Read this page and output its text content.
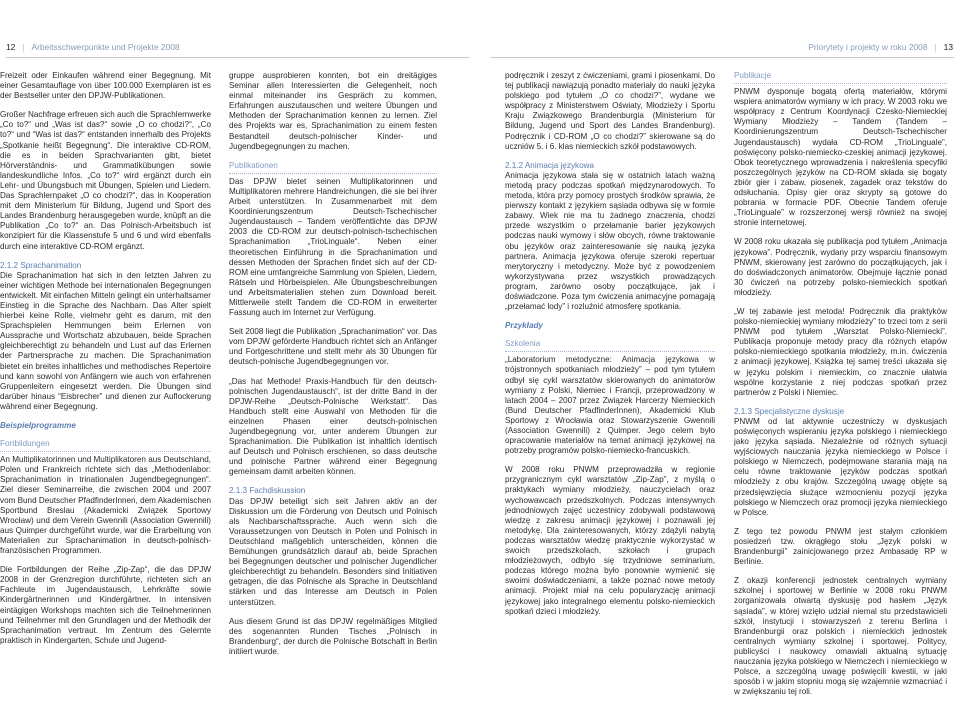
12 | Arbeitsschwerpunkte und Projekte 2008	Priorytety i projekty w roku 2008 | 13

Freizeit oder Einkaufen während einer Begegnung. Mit einer Gesamtauflage von über 100.000 Exemplaren ist es der Bestseller unter den DPJW-Publikationen.

Großer Nachfrage erfreuen sich auch die Sprachlernwerke „Co to?“ und „Was ist das?“ sowie „O co chodzi?“, „Co to?“ und “Was ist das?“ entstanden innerhalb des Projekts „Spotkanie heißt Begegnung“. Die interaktive CD-ROM, die es in beiden Sprachvarianten gibt, bietet Hörverständnis- und Grammatikübungen sowie landeskundliche Infos. „Co to?“ wird ergänzt durch ein Lehr- und Übungsbuch mit Übungen, Spielen und Liedern. Das Sprachlernpaket „O co chodzi?“, das in Kooperation mit dem Ministerium für Bildung, Jugend und Sport des Landes Brandenburg herausgegeben wurde, knüpft an die Publikation „Co to?“ an. Das Polnisch-Arbeitsbuch ist konzipiert für die Klassenstufe 5 und 6 und wird ebenfalls durch eine interaktive CD-ROM ergänzt.

2.1.2 Sprachanimation

Die Sprachanimation hat sich in den letzten Jahren zu einer wichtigen Methode bei internationalen Begegnungen entwickelt. Mit einfachen Mitteln gelingt ein unterhaltsamer Einstieg in die Sprache des Nachbarn. Das Alter spielt hierbei keine Rolle, vielmehr geht es darum, mit den Sprachspielen Hemmungen beim Erlernen von Aussprache und Wortschatz abzubauen, beide Sprachen gleichberechtigt zu behandeln und Lust auf das Erlernen der Partnersprache zu machen. Die Sprachanimation bietet ein breites inhaltliches und methodisches Repertoire und kann sowohl von Anfängern wie auch von erfahrenen Gruppenleitern eingesetzt werden. Die Übungen sind darüber hinaus “Eisbrecher” und dienen zur Auflockerung während einer Begegnung.

Beispielprogramme
Fortbildungen

An Multiplikatorinnen und Multiplikatoren aus Deutschland, Polen und Frankreich richtete sich das „Methodenlabor: Sprachanimation in trinationalen Jugendbegegnungen“. Ziel dieser Seminarreihe, die zwischen 2004 und 2007 vom Bund Deutscher PfadfinderInnen, dem Akademischen Sportbund Breslau (Akademicki Związek Sportowy Wrocław) und dem Verein Gwennili (Association Gwennili) aus Quimper durchgeführt wurde, war die Erarbeitung von Materialien zur Sprachanimation in deutsch-polnisch-französischen Programmen.

Die Fortbildungen der Reihe „Zip-Zap“, die das DPJW 2008 in der Grenzregion durchführte, richteten sich an Fachleute im Jugendaustausch, Lehrkräfte sowie Kindergärtnerinnen und Kindergärtner. In intensiven eintägigen Workshops machten sich die Teilnehmerinnen und Teilnehmer mit den Grundlagen und der Methodik der Sprachanimation vertraut. Im Zentrum des Gelernte praktisch in Kindergarten, Schule und Jugend-

gruppe ausprobieren konnten, bot ein dreitägiges Seminar allen Interessierten die Gelegenheit, noch einmal miteinander ins Gespräch zu kommen, Erfahrungen auszutauschen und weitere Übungen und Methoden der Sprachanimation kennen zu lernen. Ziel des Projekts war es, Sprachanimation zu einem festen Bestandteil deutsch-polnischer Kinder- und Jugendbegegnungen zu machen.

Publikationen

Das DPJW bietet seinen Multiplikatorinnen und Multiplikatoren mehrere Handreichungen, die sie bei ihrer Arbeit unterstützen. In Zusammenarbeit mit dem Koordinierungszentrum Deutsch-Tschechischer Jugendaustausch – Tandem veröffentlichte das DPJW 2003 die CD-ROM zur deutsch-polnisch-tschechischen Sprachanimation „TrioLinguale“. Neben einer theoretischen Einführung in die Sprachanimation und dessen Methoden der Sprachen findet sich auf der CD-ROM eine umfangreiche Sammlung von Spielen, Liedern, Rätseln und Hörbeispielen. Alle Übungsbeschreibungen und Arbeitsmaterialien stehen zum Download bereit. Mittlerweile stellt Tandem die CD-ROM in erweiterter Fassung auch im Internet zur Verfügung.

Seit 2008 liegt die Publikation „Sprachanimation“ vor. Das vom DPJW geförderte Handbuch richtet sich an Anfänger und Fortgeschrittene und stellt mehr als 30 Übungen für deutsch-polnische Jugendbegegnungen vor.

„Das hat Methode! Praxis-Handbuch für den deutsch-polnischen Jugendaustausch“, ist der dritte Band in der DPJW-Reihe „Deutsch-Polnische Werkstatt“. Das Handbuch stellt eine Auswahl von Methoden für die einzelnen Phasen einer deutsch-polnischen Jugendbegegnung vor, unter anderem Übungen zur Sprachanimation. Die Publikation ist inhaltlich identisch auf Deutsch und Polnisch erschienen, so dass deutsche und polnische Partner während einer Begegnung gemeinsam damit arbeiten können.

2.1.3 Fachdiskussion

Das DPJW beteiligt sich seit Jahren aktiv an der Diskussion um die Förderung von Deutsch und Polnisch als Nachbarschaftssprache. Auch wenn sich die Voraussetzungen von Deutsch in Polen und Polnisch in Deutschland maßgeblich unterscheiden, können die Bemühungen grundsätzlich darauf ab, beide Sprachen bei Begegnungen deutscher und polnischer Jugendlicher gleichberechtigt zu behandeln. Besonders sind Initiativen getragen, die das Polnische als Sprache in Deutschland stärken und das Interesse am Deutsch in Polen unterstützen.

Aus diesem Grund ist das DPJW regelmäßiges Mitglied des sogenannten Runden Tisches „Polnisch in Brandenburg“, der durch die Polnische Botschaft in Berlin initiiert wurde.

podręcznik i zeszyt z ćwiczeniami, grami i piosenkami. Do tej publikacji nawiązują ponadto materiały do nauki języka polskiego pod tytułem „O co chodzi?”, wydane we współpracy z Ministerstwem Oświaty, Młodzieży i Sportu Kraju Związkowego Brandenburgia (Ministerium für Bildung, Jugend und Sport des Landes Brandenburg). Podręcznik i CD-ROM „O co chodzi?” skierowane są do uczniów 5. i 6. klas niemieckich szkół podstawowych.

2.1.2 Animacja językowa

Animacja językowa stała się w ostatnich latach ważną metodą pracy podczas spotkań międzynarodowych. To metoda, która przy pomocy prostych środków sprawia, że pierwszy kontakt z językiem sąsiada odbywa się w formie zabawy. Wiek nie ma tu żadnego znaczenia, chodzi przede wszystkim o przełamanie barier językowych podczas nauki wymowy i słów obcych, równe traktowanie obu języków oraz zainteresowanie się nauką języka partnera. Animacja językowa oferuje szeroki repertuar merytoryczny i metodyczny. Może być z powodzeniem wykorzystywana przez wszystkich prowadzących program, zarówno osoby początkujące, jak i doświadczone. Poza tym ćwiczenia animacyjne pomagają „przełamać lody” i rozluźnić atmosferę spotkania.

Przykłady
Szkolenia

„Laboratorium metodyczne: Animacja językowa w trójstronnych spotkaniach młodzieży” – pod tym tytułem odbył się cykl warsztatów skierowanych do animatorów wymiany z Polski, Niemiec i Francji, przeprowadzony w latach 2004 – 2007 przez Związek Harcerzy Niemieckich (Bund Deutscher PfadfinderInnen), Akademicki Klub Sportowy z Wrocławia oraz Stowarzyszenie Gwennili (Association Gwennili) z Quimper. Jego celem było opracowanie materiałów na temat animacji językowej na potrzeby programów polsko-niemiecko-francuskich.

W 2008 roku PNWM przeprowadziła w regionie przygranicznym cykl warsztatów „Zip-Zap”, z myślą o praktykach wymiany młodzieży, nauczycielach oraz wychowawcach przedszkolnych. Podczas intensywnych jednodniowych zajęć uczestnicy zdobywali podstawową wiedzę z zakresu animacji językowej i poznawali jej metodykę. Dla zainteresowanych, którzy zdążyli nabytą podczas warsztatów wiedzę praktycznie wykorzystać w swoich przedszkolach, szkołach i grupach młodzieżowych, odbyło się trzydniowe seminarium, podczas którego można było ponownie wymienić się swoimi doświadczeniami, a także poznać nowe metody animacji. Projekt miał na celu popularyzację animacji językowej jako integralnego elementu polsko-niemieckich spotkań dzieci i młodzieży.

Publikacje

PNWM dysponuje bogatą ofertą materiałów, którymi wspiera animatorów wymiany w ich pracy. W 2003 roku we współpracy z Centrum Koordynacji Czesko-Niemieckiej Wymiany Młodzieży – Tandem (Tandem – Koordinierungszentrum Deutsch-Tschechischer Jugendaustausch) wydała CD-ROM „TrioLinguale”, poświęcony polsko-niemiecko-czeskiej animacji językowej. Obok teoretycznego wprowadzenia i nakreślenia specyfiki poszczególnych języków na CD-ROM składa się bogaty zbiór gier i zabaw, piosenek, zagadek oraz tekstów do odsłuchania. Opisy gier oraz skrypty są gotowe do pobrania w formacie PDF. Obecnie Tandem oferuje „TrioLinguale” w rozszerzonej wersji również na swojej stronie internetowej.

W 2008 roku ukazała się publikacja pod tytułem „Animacja językowa”. Podręcznik, wydany przy wsparciu finansowym PNWM, skierowany jest zarówno do początkujących, jak i do doświadczonych animatorów. Obejmuje łącznie ponad 30 ćwiczeń na potrzeby polsko-niemieckich spotkań młodzieży.

„W tej zabawie jest metoda! Podręcznik dla praktyków polsko-niemieckiej wymiany młodzieży” to trzeci tom z serii PNWM pod tytułem „Warsztat Polsko-Niemiecki”. Publikacja proponuje metody pracy dla różnych etapów polsko-niemieckiego spotkania młodzieży, m.in. ćwiczenia z animacji językowej. Książka tej samej treści ukazała się w języku polskim i niemieckim, co znacznie ułatwia wspólne korzystanie z niej podczas spotkań przez partnerów z Polski i Niemiec.

2.1.3 Specjalistyczne dyskusje

PNWM od lat aktywnie uczestniczy w dyskusjach poświęconych wspieraniu języka polskiego i niemieckiego jako języka sąsiada. Niezależnie od różnych sytuacji wyjściowych nauczania języka niemieckiego w Polsce i polskiego w Niemczech, podejmowane starania mają na celu równe traktowanie języków podczas spotkań młodzieży z obu krajów. Szczególną uwagę objęte są przedsięwzięcia służące wzmocnieniu pozycji języka polskiego w Niemczech oraz promocji języka niemieckiego w Polsce.

Z tego też powodu PNWM jest stałym członkiem posiedzeń tzw. okrągłego stołu „Język polski w Brandenburgii” zainicjowanego przez Ambasadę RP w Berlinie.

Z okazji konferencji jednostek centralnych wymiany szkolnej i sportowej w Berlinie w 2008 roku PNWM zorganizowała otwartą dyskusję pod hasłem „Język sąsiada”, w której wzięło udział niemal stu przedstawicieli szkół, instytucji i stowarzyszeń z terenu Berlina i Brandenburgii oraz polskich i niemieckich jednostek centralnych wymiany szkolnej i sportowej. Politycy, publicyści i naukowcy omawiali aktualną sytuację nauczania języka polskiego w Niemczech i niemieckiego w Polsce, a szczególną uwagę poświęcili kwestii, w jaki sposób i w jakim stopniu mogą się wzajemnie wzmacniać i w zwiększaniu tej roli.
